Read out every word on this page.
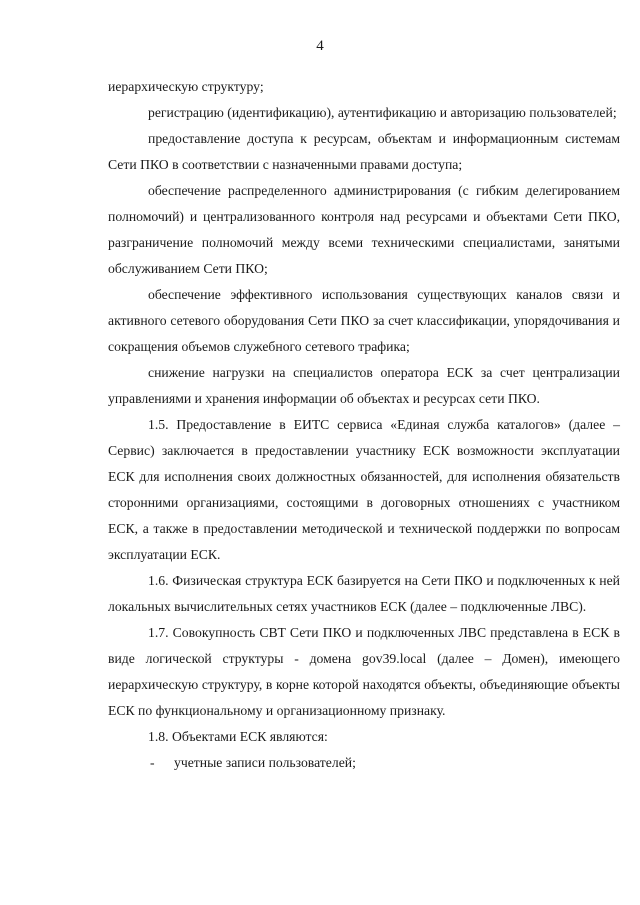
4

иерархическую структуру;

регистрацию (идентификацию), аутентификацию и авторизацию пользователей;

предоставление доступа к ресурсам, объектам и информационным системам Сети ПКО в соответствии с назначенными правами доступа;

обеспечение распределенного администрирования (с гибким делегированием полномочий) и централизованного контроля над ресурсами и объектами Сети ПКО, разграничение полномочий между всеми техническими специалистами, занятыми обслуживанием Сети ПКО;

обеспечение эффективного использования существующих каналов связи и активного сетевого оборудования Сети ПКО за счет классификации, упорядочивания и сокращения объемов служебного сетевого трафика;

снижение нагрузки на специалистов оператора ЕСК за счет централизации управлениями и хранения информации об объектах и ресурсах сети ПКО.

1.5. Предоставление в ЕИТС сервиса «Единая служба каталогов» (далее – Сервис) заключается в предоставлении участнику ЕСК возможности эксплуатации ЕСК для исполнения своих должностных обязанностей, для исполнения обязательств сторонними организациями, состоящими в договорных отношениях с участником ЕСК, а также в предоставлении методической и технической поддержки по вопросам эксплуатации ЕСК.

1.6. Физическая структура ЕСК базируется на Сети ПКО и подключенных к ней локальных вычислительных сетях участников ЕСК (далее – подключенные ЛВС).

1.7. Совокупность СВТ Сети ПКО и подключенных ЛВС представлена в ЕСК в виде логической структуры - домена gov39.local (далее – Домен), имеющего иерархическую структуру, в корне которой находятся объекты, объединяющие объекты ЕСК по функциональному и организационному признаку.

1.8. Объектами ЕСК являются:

- учетные записи пользователей;
